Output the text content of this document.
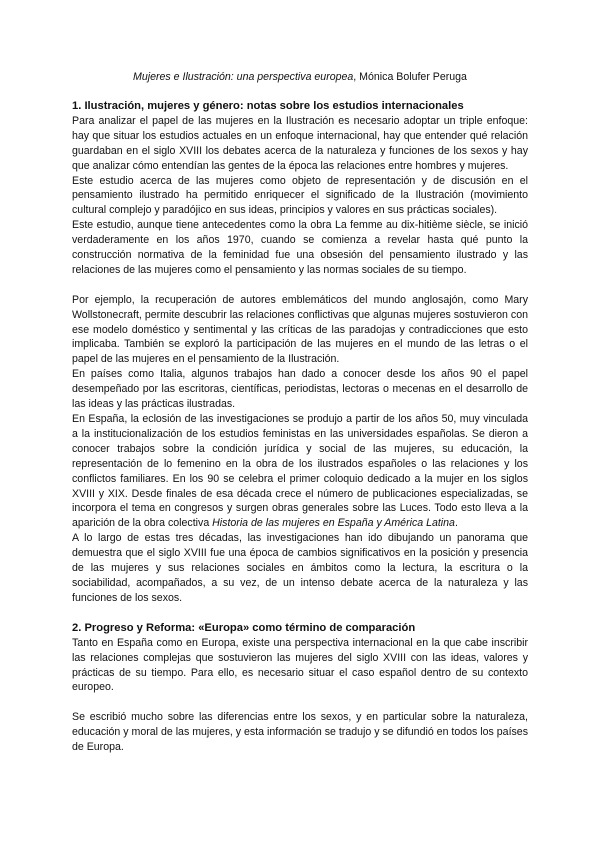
Mujeres e Ilustración: una perspectiva europea, Mónica Bolufer Peruga
1. Ilustración, mujeres y género: notas sobre los estudios internacionales

Para analizar el papel de las mujeres en la Ilustración es necesario adoptar un triple enfoque: hay que situar los estudios actuales en un enfoque internacional, hay que entender qué relación guardaban en el siglo XVIII los debates acerca de la naturaleza y funciones de los sexos y hay que analizar cómo entendían las gentes de la época las relaciones entre hombres y mujeres.

Este estudio acerca de las mujeres como objeto de representación y de discusión en el pensamiento ilustrado ha permitido enriquecer el significado de la Ilustración (movimiento cultural complejo y paradójico en sus ideas, principios y valores en sus prácticas sociales).

Este estudio, aunque tiene antecedentes como la obra La femme au dix-hitième siècle, se inició verdaderamente en los años 1970, cuando se comienza a revelar hasta qué punto la construcción normativa de la feminidad fue una obsesión del pensamiento ilustrado y las relaciones de las mujeres como el pensamiento y las normas sociales de su tiempo.

Por ejemplo, la recuperación de autores emblemáticos del mundo anglosajón, como Mary Wollstonecraft, permite descubrir las relaciones conflictivas que algunas mujeres sostuvieron con ese modelo doméstico y sentimental y las críticas de las paradojas y contradicciones que esto implicaba. También se exploró la participación de las mujeres en el mundo de las letras o el papel de las mujeres en el pensamiento de la Ilustración.

En países como Italia, algunos trabajos han dado a conocer desde los años 90 el papel desempeñado por las escritoras, científicas, periodistas, lectoras o mecenas en el desarrollo de las ideas y las prácticas ilustradas.

En España, la eclosión de las investigaciones se produjo a partir de los años 50, muy vinculada a la institucionalización de los estudios feministas en las universidades españolas. Se dieron a conocer trabajos sobre la condición jurídica y social de las mujeres, su educación, la representación de lo femenino en la obra de los ilustrados españoles o las relaciones y los conflictos familiares. En los 90 se celebra el primer coloquio dedicado a la mujer en los siglos XVIII y XIX. Desde finales de esa década crece el número de publicaciones especializadas, se incorpora el tema en congresos y surgen obras generales sobre las Luces. Todo esto lleva a la aparición de la obra colectiva Historia de las mujeres en España y América Latina.

A lo largo de estas tres décadas, las investigaciones han ido dibujando un panorama que demuestra que el siglo XVIII fue una época de cambios significativos en la posición y presencia de las mujeres y sus relaciones sociales en ámbitos como la lectura, la escritura o la sociabilidad, acompañados, a su vez, de un intenso debate acerca de la naturaleza y las funciones de los sexos.

2. Progreso y Reforma: «Europa» como término de comparación

Tanto en España como en Europa, existe una perspectiva internacional en la que cabe inscribir las relaciones complejas que sostuvieron las mujeres del siglo XVIII con las ideas, valores y prácticas de su tiempo. Para ello, es necesario situar el caso español dentro de su contexto europeo.

Se escribió mucho sobre las diferencias entre los sexos, y en particular sobre la naturaleza, educación y moral de las mujeres, y esta información se tradujo y se difundió en todos los países de Europa.
